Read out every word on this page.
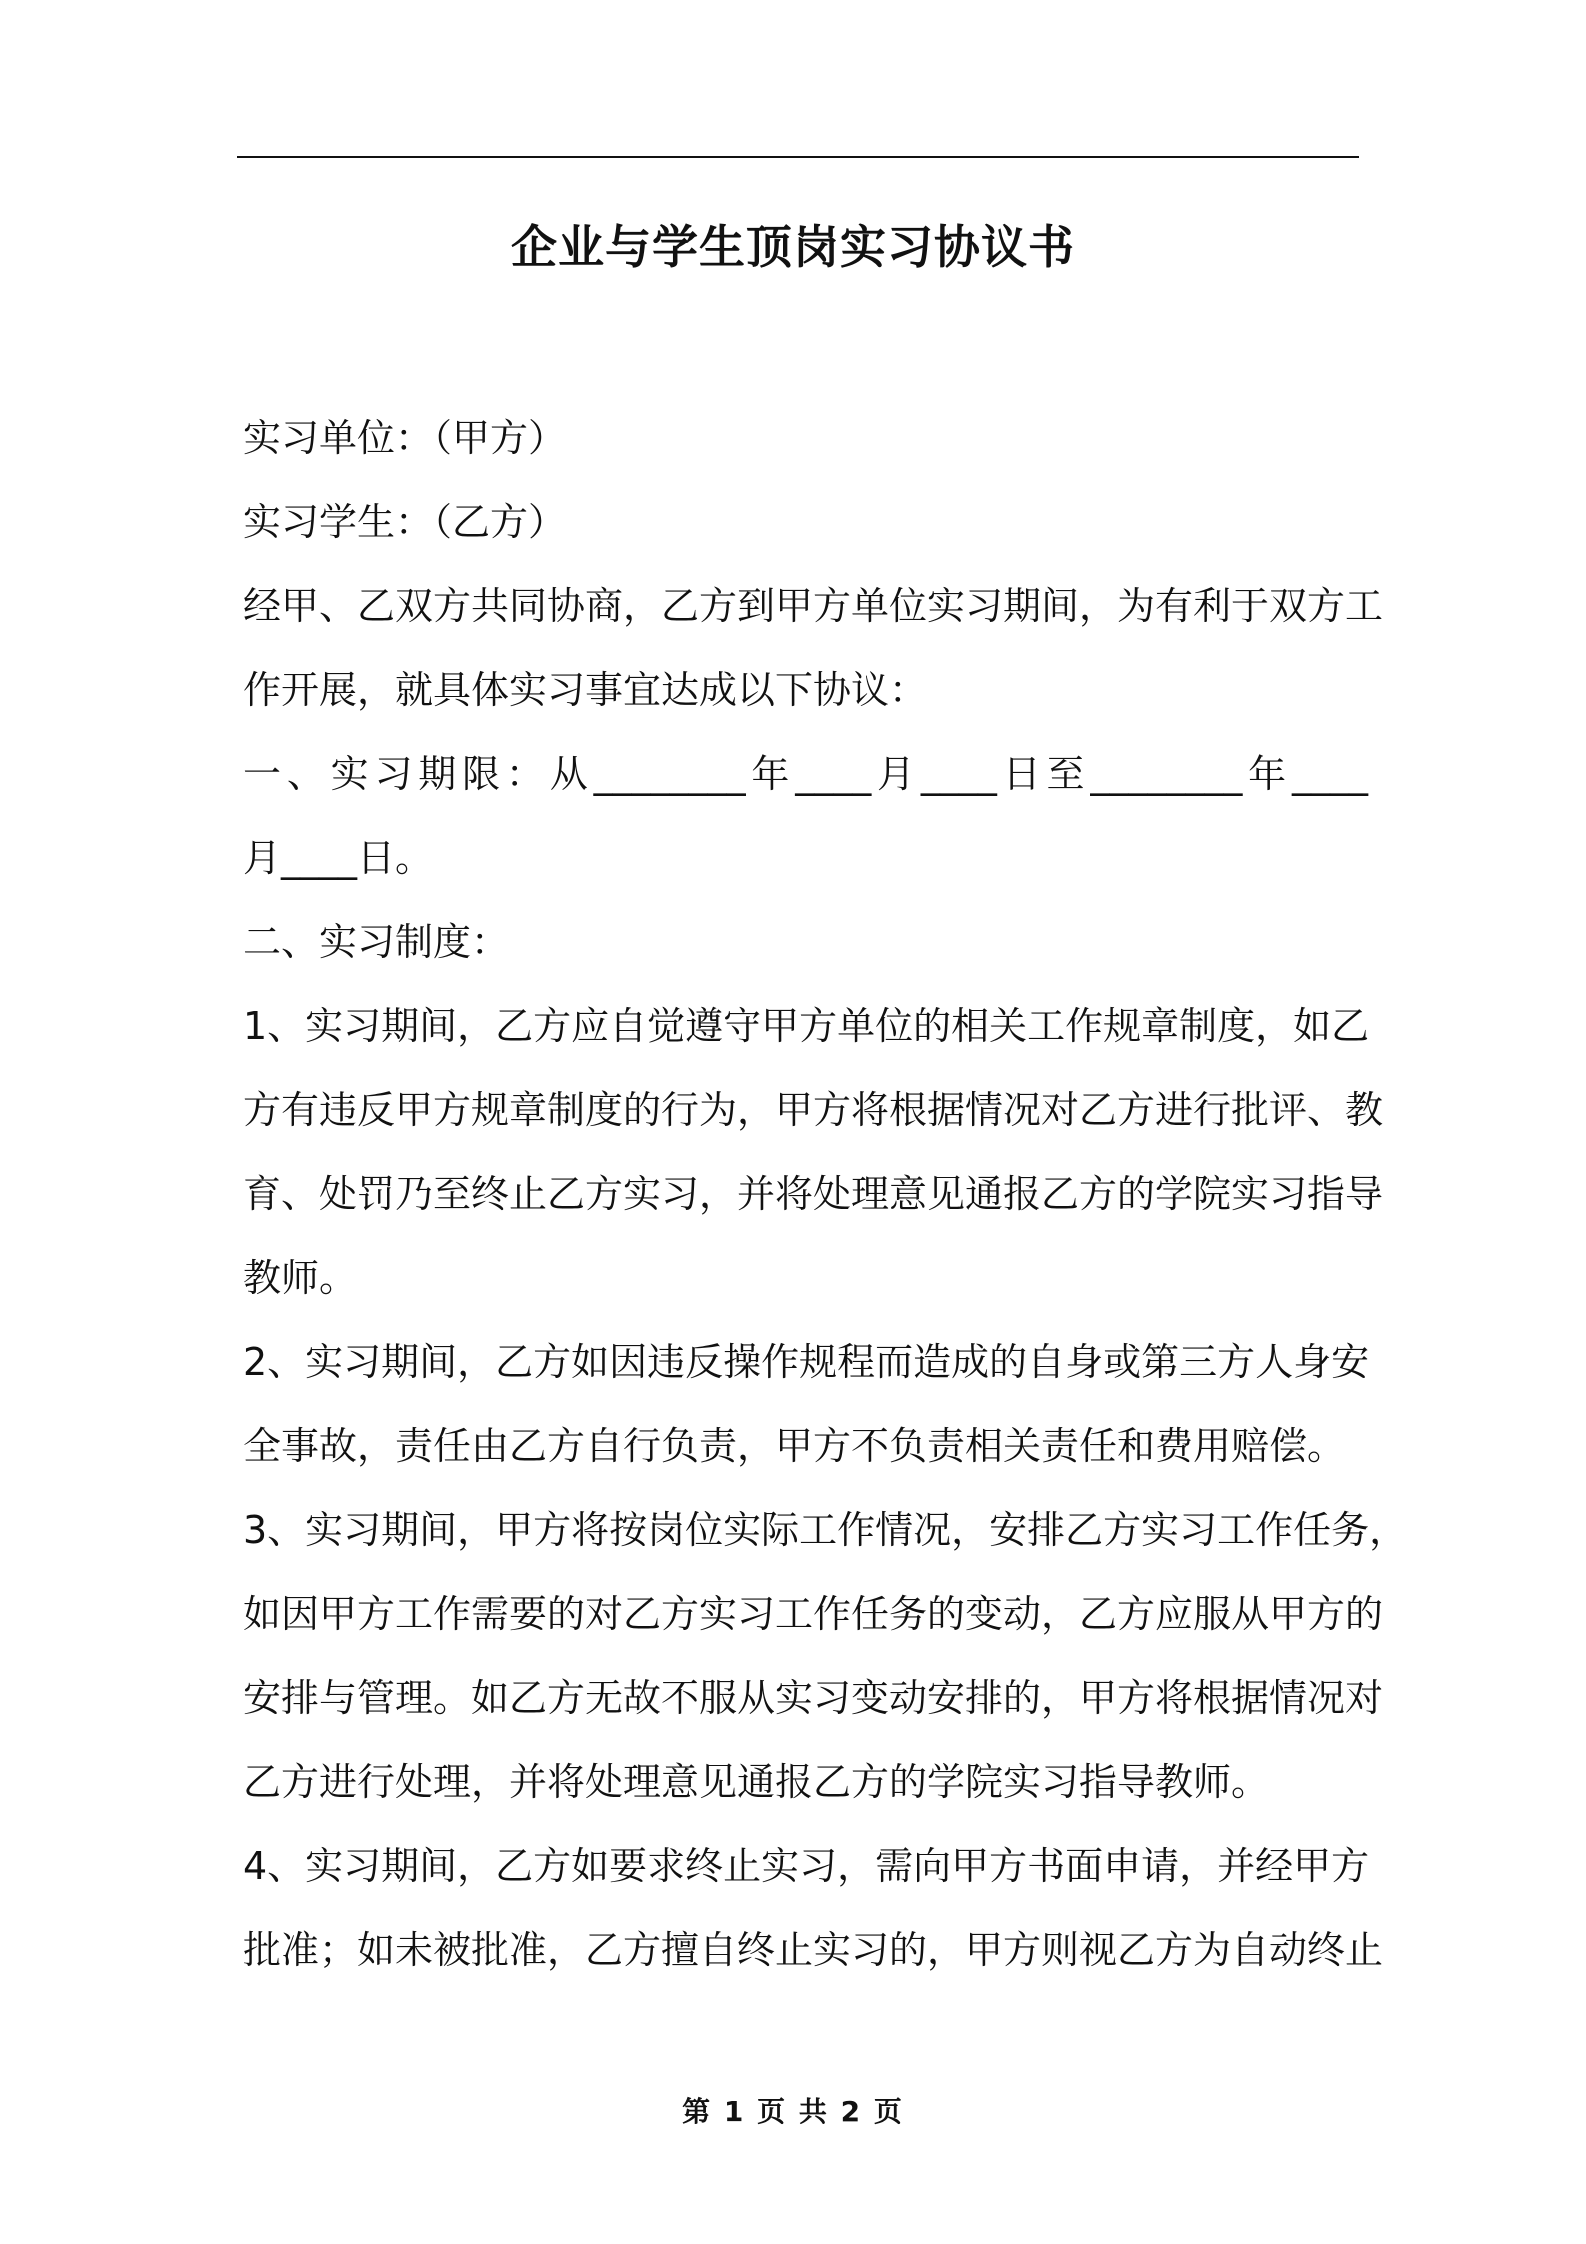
企业与学生顶岗实习协议书
实习单位：（甲方）
实习学生：（乙方）
经甲、乙双方共同协商，乙方到甲方单位实习期间，为有利于双方工
作开展，就具体实习事宜达成以下协议：
一、实习期限：从________年____月____日至________年____
月____日。
二、实习制度：
1、实习期间，乙方应自觉遵守甲方单位的相关工作规章制度，如乙
方有违反甲方规章制度的行为，甲方将根据情况对乙方进行批评、教
育、处罚乃至终止乙方实习，并将处理意见通报乙方的学院实习指导
教师。
2、实习期间，乙方如因违反操作规程而造成的自身或第三方人身安
全事故，责任由乙方自行负责，甲方不负责相关责任和费用赔偿。
3、实习期间，甲方将按岗位实际工作情况，安排乙方实习工作任务，
如因甲方工作需要的对乙方实习工作任务的变动，乙方应服从甲方的
安排与管理。如乙方无故不服从实习变动安排的，甲方将根据情况对
乙方进行处理，并将处理意见通报乙方的学院实习指导教师。
4、实习期间，乙方如要求终止实习，需向甲方书面申请，并经甲方
批准；如未被批准，乙方擅自终止实习的，甲方则视乙方为自动终止
第 1 页 共 2 页
